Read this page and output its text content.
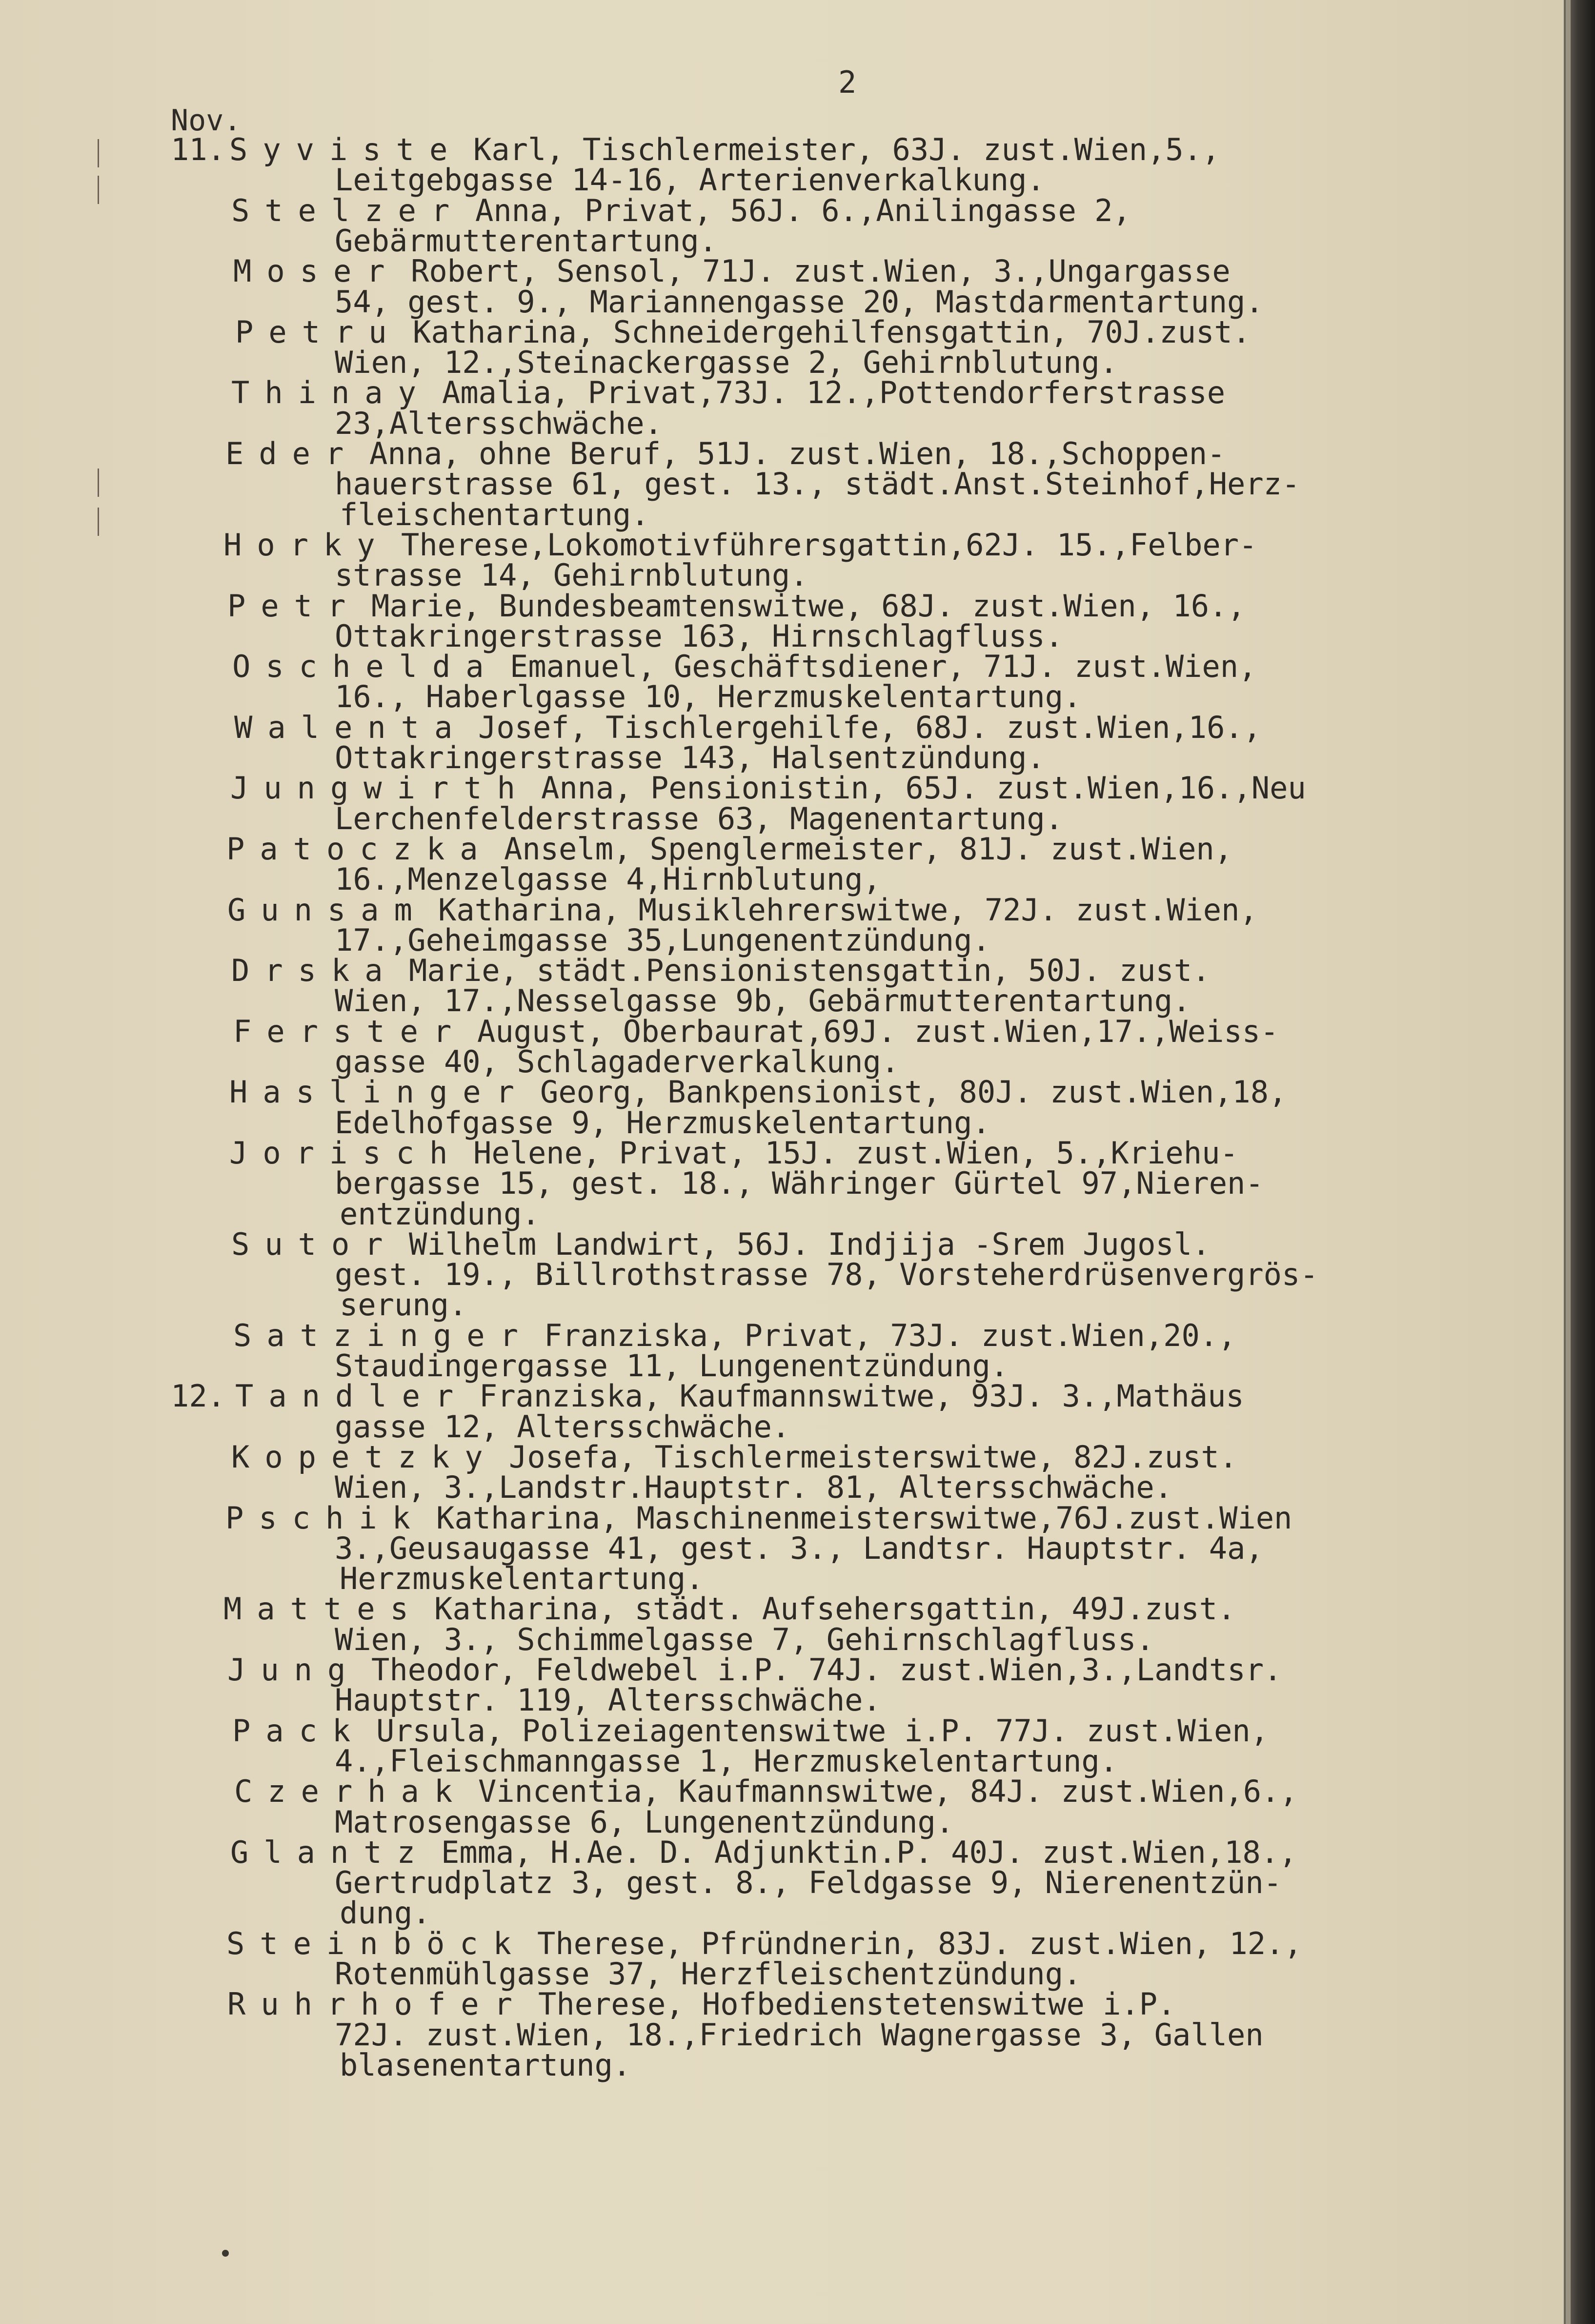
2
Nov.
11. Syviste Karl, Tischlermeister, 63J. zust.Wien,5.,
Leitgebgasse 14-16, Arterienverkalkung.
Stelzer Anna, Privat, 56J. 6.,Anilingasse 2,
Gebärmutterentartung.
Moser Robert, Sensol, 71J. zust.Wien, 3.,Ungargasse
54, gest. 9., Mariannengasse 20, Mastdarmentartung.
Petru Katharina, Schneidergehilfensgattin, 70J.zust.
Wien, 12.,Steinackergasse 2, Gehirnblutung.
Thinay Amalia, Privat,73J. 12.,Pottendorferstrasse
23,Altersschwäche.
Eder Anna, ohne Beruf, 51J. zust.Wien, 18.,Schoppen-
hauerstrasse 61, gest. 13., städt.Anst.Steinhof,Herz-
fleischentartung.
Horky Therese,Lokomotivführersgattin,62J. 15.,Felber-
strasse 14, Gehirnblutung.
Petr Marie, Bundesbeamtenswitwe, 68J. zust.Wien, 16.,
Ottakringerstrasse 163, Hirnschlagfluss.
Oschelda Emanuel, Geschäftsdiener, 71J. zust.Wien,
16., Haberlgasse 10, Herzmuskelentartung.
Walenta Josef, Tischlergehilfe, 68J. zust.Wien,16.,
Ottakringerstrasse 143, Halsentzündung.
Jungwirth Anna, Pensionistin, 65J. zust.Wien,16.,Neu
Lerchenfelderstrasse 63, Magenentartung.
Patoczka Anselm, Spenglermeister, 81J. zust.Wien,
16.,Menzelgasse 4,Hirnblutung,
Gunsam Katharina, Musiklehrerswitwe, 72J. zust.Wien,
17.,Geheimgasse 35,Lungenentzündung.
Drska Marie, städt.Pensionistensgattin, 50J. zust.
Wien, 17.,Nesselgasse 9b, Gebärmutterentartung.
Ferster August, Oberbaurat,69J. zust.Wien,17.,Weiss-
gasse 40, Schlagaderverkalkung.
Haslinger Georg, Bankpensionist, 80J. zust.Wien,18,
Edelhofgasse 9, Herzmuskelentartung.
Jorisch Helene, Privat, 15J. zust.Wien, 5.,Kriehu-
bergasse 15, gest. 18., Währinger Gürtel 97,Nieren-
entzündung.
Sutor Wilhelm Landwirt, 56J. Indjija -Srem Jugosl.
gest. 19., Billrothstrasse 78, Vorsteherdrüsenvergrös-
serung.
Satzinger Franziska, Privat, 73J. zust.Wien,20.,
Staudingergasse 11, Lungenentzündung.
12. Tandler Franziska, Kaufmannswitwe, 93J. 3.,Mathäus
gasse 12, Altersschwäche.
Kopetzky Josefa, Tischlermeisterswitwe, 82J.zust.
Wien, 3.,Landstr.Hauptstr. 81, Altersschwäche.
Pschik Katharina, Maschinenmeisterswitwe,76J.zust.Wien
3.,Geusaugasse 41, gest. 3., Landtsr. Hauptstr. 4a,
Herzmuskelentartung.
Mattes Katharina, städt. Aufsehersgattin, 49J.zust.
Wien, 3., Schimmelgasse 7, Gehirnschlagfluss.
Jung Theodor, Feldwebel i.P. 74J. zust.Wien,3.,Landtsr.
Hauptstr. 119, Altersschwäche.
Pack Ursula, Polizeiagentenswitwe i.P. 77J. zust.Wien,
4.,Fleischmanngasse 1, Herzmuskelentartung.
Czerhak Vincentia, Kaufmannswitwe, 84J. zust.Wien,6.,
Matrosengasse 6, Lungenentzündung.
Glantz Emma, H.Ae. D. Adjunktin.P. 40J. zust.Wien,18.,
Gertrudplatz 3, gest. 8., Feldgasse 9, Nierenentzün-
dung.
Steinböck Therese, Pfründnerin, 83J. zust.Wien, 12.,
Rotenmühlgasse 37, Herzfleischentzündung.
Ruhrhofer Therese, Hofbedienstetenswitwe i.P.
72J. zust.Wien, 18.,Friedrich Wagnergasse 3, Gallen
blasenentartung.
